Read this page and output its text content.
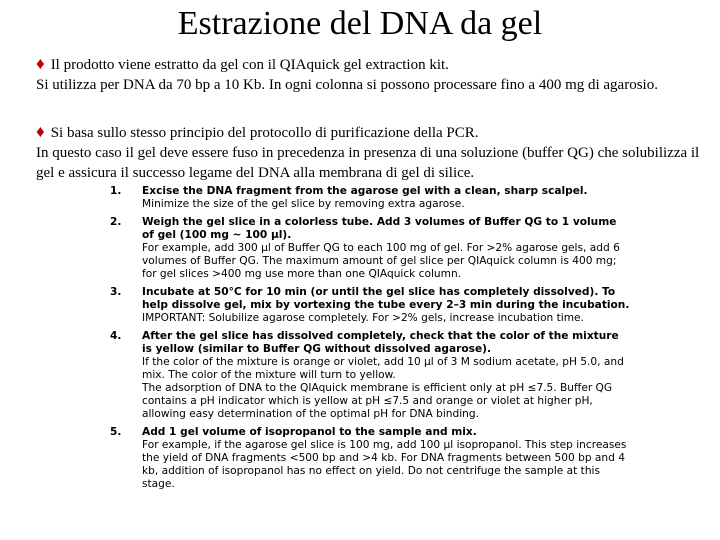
Estrazione del DNA da gel
♦ Il prodotto viene estratto da gel con il QIAquick gel extraction kit.
Si utilizza per DNA da 70 bp a 10 Kb. In ogni colonna si possono processare fino a 400 mg di agarosio.
♦ Si basa sullo stesso principio del protocollo di purificazione della PCR.
In questo caso il gel deve essere fuso in precedenza in presenza di una soluzione (buffer QG) che solubilizza il gel e assicura il successo legame del DNA alla membrana di gel di silice.
1. Excise the DNA fragment from the agarose gel with a clean, sharp scalpel.
Minimize the size of the gel slice by removing extra agarose.
2. Weigh the gel slice in a colorless tube. Add 3 volumes of Buffer QG to 1 volume of gel (100 mg ~ 100 µl).
For example, add 300 µl of Buffer QG to each 100 mg of gel. For >2% agarose gels, add 6 volumes of Buffer QG. The maximum amount of gel slice per QIAquick column is 400 mg; for gel slices >400 mg use more than one QIAquick column.
3. Incubate at 50°C for 10 min (or until the gel slice has completely dissolved). To help dissolve gel, mix by vortexing the tube every 2–3 min during the incubation.
IMPORTANT: Solubilize agarose completely. For >2% gels, increase incubation time.
4. After the gel slice has dissolved completely, check that the color of the mixture is yellow (similar to Buffer QG without dissolved agarose).
If the color of the mixture is orange or violet, add 10 µl of 3 M sodium acetate, pH 5.0, and mix. The color of the mixture will turn to yellow.
The adsorption of DNA to the QIAquick membrane is efficient only at pH ≤7.5. Buffer QG contains a pH indicator which is yellow at pH ≤7.5 and orange or violet at higher pH, allowing easy determination of the optimal pH for DNA binding.
5. Add 1 gel volume of isopropanol to the sample and mix.
For example, if the agarose gel slice is 100 mg, add 100 µl isopropanol. This step increases the yield of DNA fragments <500 bp and >4 kb. For DNA fragments between 500 bp and 4 kb, addition of isopropanol has no effect on yield. Do not centrifuge the sample at this stage.
